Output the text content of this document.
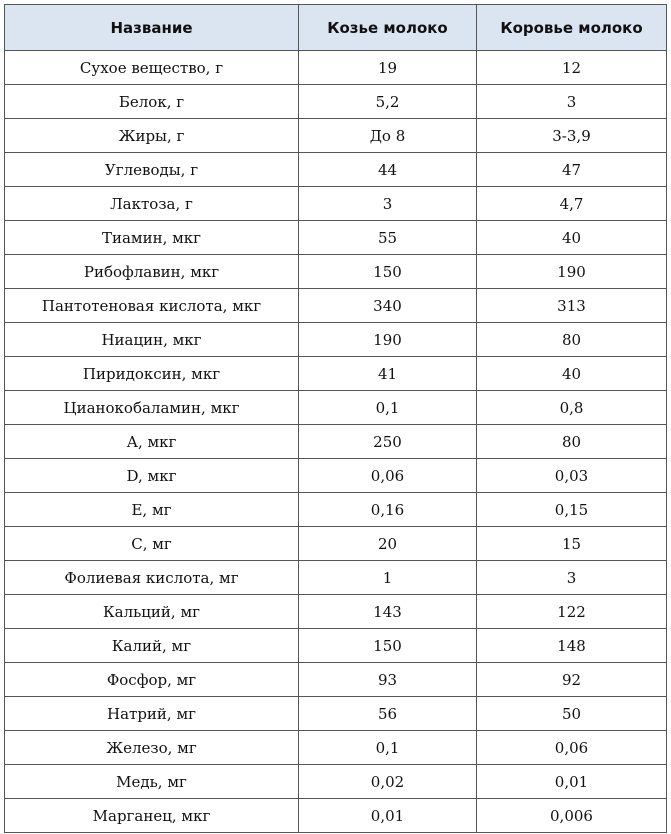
Название	Козье молоко	Коровье молоко
Сухое вещество, г	19	12
Белок, г	5,2	3
Жиры, г	До 8	3-3,9
Углеводы, г	44	47
Лактоза, г	3	4,7
Тиамин, мкг	55	40
Рибофлавин, мкг	150	190
Пантотеновая кислота, мкг	340	313
Ниацин, мкг	190	80
Пиридоксин, мкг	41	40
Цианокобаламин, мкг	0,1	0,8
А, мкг	250	80
D, мкг	0,06	0,03
Е, мг	0,16	0,15
С, мг	20	15
Фолиевая кислота, мг	1	3
Кальций, мг	143	122
Калий, мг	150	148
Фосфор, мг	93	92
Натрий, мг	56	50
Железо, мг	0,1	0,06
Медь, мг	0,02	0,01
Марганец, мкг	0,01	0,006
